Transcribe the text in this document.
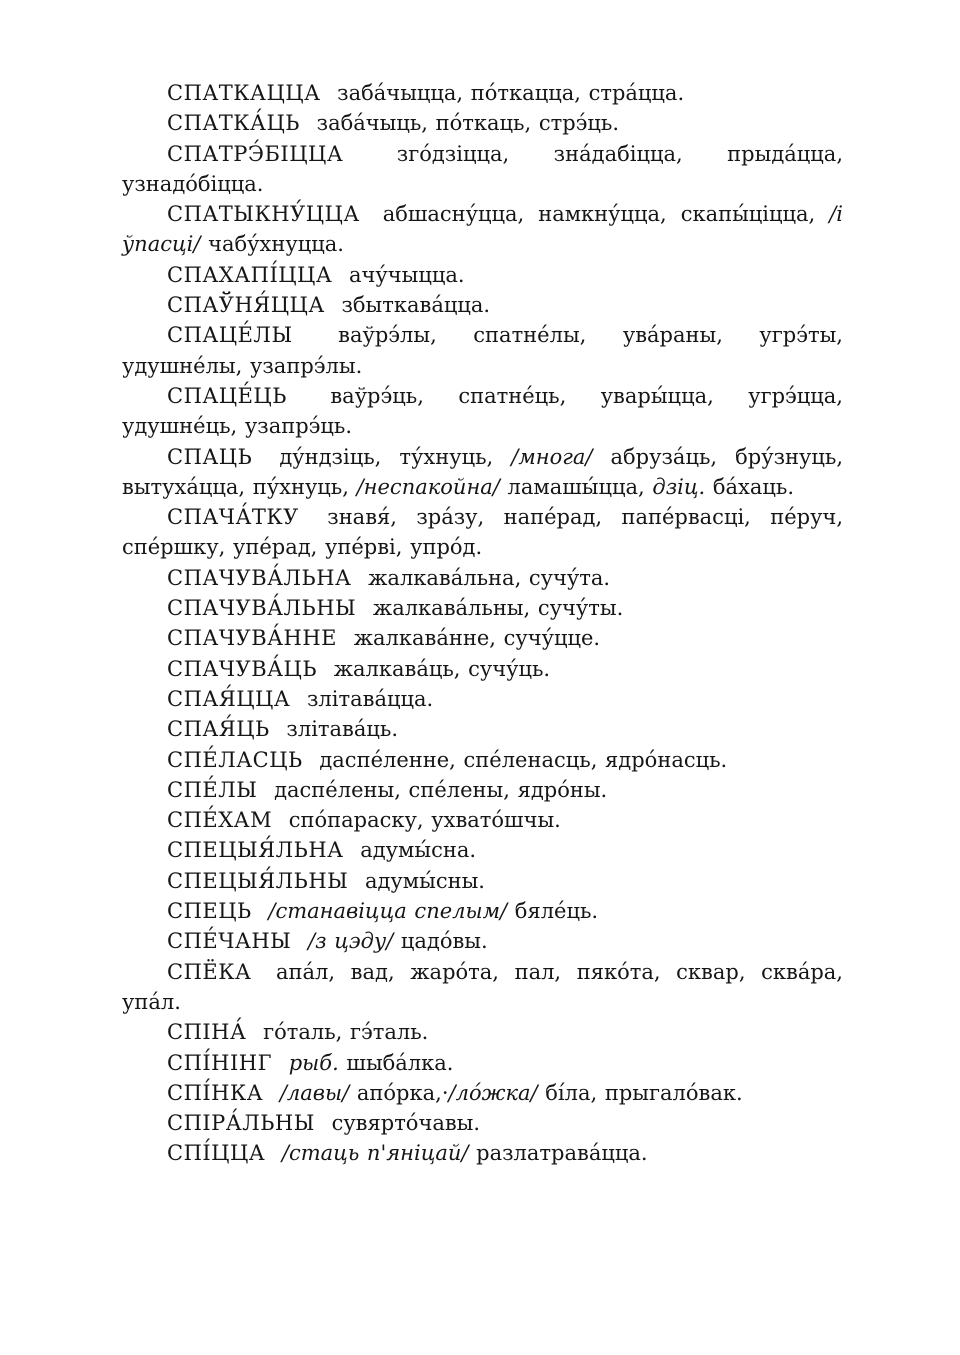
СПАТКАЦЦА заба́чыцца, по́ткацца, стра́цца.

СПАТКА́ЦЬ заба́чыць, по́ткаць, стрэ́ць.

СПАТРЭ́БІЦЦА	зго́дзіцца, зна́дабіцца, прыда́цца, узнадо́біцца.

СПАТЫКНУ́ЦЦА абшасну́цца, намкну́цца, скапы́ціцца, /і ўпасці/ чабу́хнуцца.

СПАХАПІ́ЦЦА ачу́чыцца.

СПАЎНЯ́ЦЦА збыткава́цца.

СПАЦЕ́ЛЫ ваўрэ́лы, спатне́лы, ува́раны, угрэ́ты, удушне́лы, узапрэ́лы.

СПАЦЕ́ЦЬ ваўрэ́ць, спатне́ць, увары́цца, угрэ́цца, удушне́ць, узапрэ́ць.

СПАЦЬ ду́ндзіць, ту́хнуць, /многа/ абруза́ць, бру́знуць, вытуха́цца, пу́хнуць, /неспакойна/ ламашы́цца, дзіц. ба́хаць.

СПАЧА́ТКУ знавя́, зра́зу, напе́рад, папе́рвасці, пе́руч, спе́ршку, упе́рад, упе́рві, упро́д.

СПАЧУВА́ЛЬНА жалкава́льна, сучу́та.

СПАЧУВА́ЛЬНЫ жалкава́льны, сучу́ты.

СПАЧУВА́ННЕ жалкава́нне, сучу́цце.

СПАЧУВА́ЦЬ жалкава́ць, сучу́ць.

СПАЯ́ЦЦА злітава́цца.

СПАЯ́ЦЬ злітава́ць.

СПЕ́ЛАСЦЬ даспе́ленне, спе́ленасць, ядро́насць.

СПЕ́ЛЫ даспе́лены, спе́лены, ядро́ны.

СПЕ́ХАМ спо́параску, ухвато́шчы.

СПЕЦЫЯ́ЛЬНА адумы́сна.

СПЕЦЫЯ́ЛЬНЫ адумы́сны.

СПЕЦЬ /станавіцца спелым/ бяле́ць.

СПЕ́ЧАНЫ /з цэду/ цадо́вы.

СПЁКА апа́л, вад, жаро́та, пал, пяко́та, сквар, сква́ра, упа́л.

СПІНА́ го́таль, гэ́таль.

СПІ́НІНГ рыб. шыба́лка.

СПІ́НКА /лавы/ апо́рка,·/ло́жка/ бі́ла, прыгало́вак.

СПІРА́ЛЬНЫ сувярто́чавы.

СПІ́ЦЦА /стаць п'яніцай/ разлатрава́цца.
